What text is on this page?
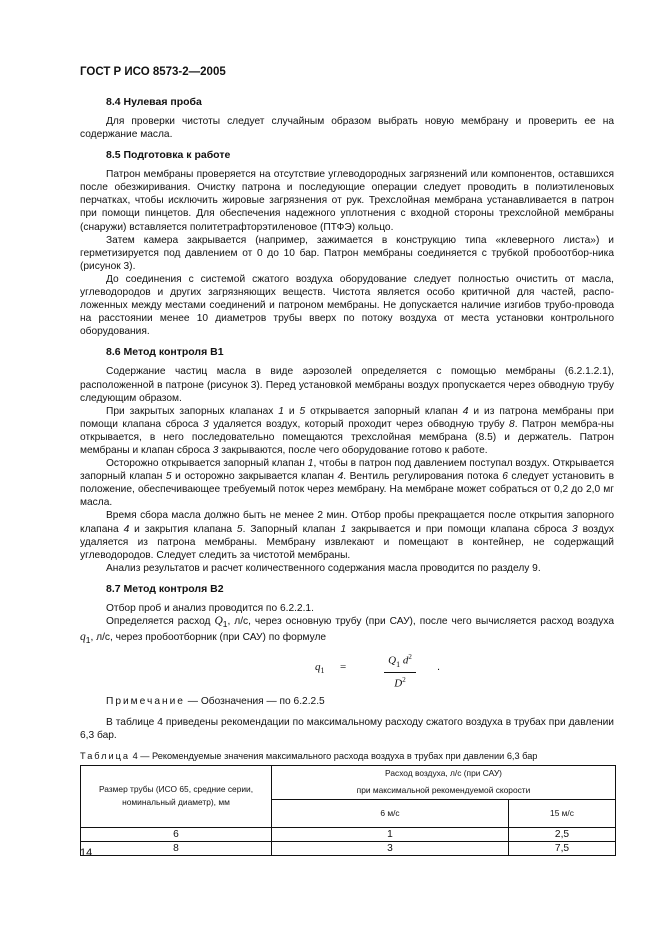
ГОСТ Р ИСО 8573-2—2005
8.4 Нулевая проба

Для проверки чистоты следует случайным образом выбрать новую мембрану и проверить ее на содержание масла.

8.5 Подготовка к работе

Патрон мембраны проверяется на отсутствие углеводородных загрязнений или компонентов, оставшихся после обезжиривания. Очистку патрона и последующие операции следует проводить в полиэтиленовых перчатках, чтобы исключить жировые загрязнения от рук. Трехслойная мембрана устанавливается в патрон при помощи пинцетов. Для обеспечения надежного уплотнения с входной стороны трехслойной мембраны (снаружи) вставляется политетрафторэтиленовое (ПТФЭ) кольцо.

Затем камера закрывается (например, зажимается в конструкцию типа «клеверного листа») и герметизируется под давлением от 0 до 10 бар. Патрон мембраны соединяется с трубкой пробоотбор-ника (рисунок 3).

До соединения с системой сжатого воздуха оборудование следует полностью очистить от масла, углеводородов и других загрязняющих веществ. Чистота является особо критичной для частей, распо-ложенных между местами соединений и патроном мембраны. Не допускается наличие изгибов трубо-провода на расстоянии менее 10 диаметров трубы вверх по потоку воздуха от места установки контрольного оборудования.

8.6 Метод контроля В1

Содержание частиц масла в виде аэрозолей определяется с помощью мембраны (6.2.1.2.1), расположенной в патроне (рисунок 3). Перед установкой мембраны воздух пропускается через обводную трубу следующим образом.

При закрытых запорных клапанах 1 и 5 открывается запорный клапан 4 и из патрона мембраны при помощи клапана сброса 3 удаляется воздух, который проходит через обводную трубу 8. Патрон мембра-ны открывается, в него последовательно помещаются трехслойная мембрана (8.5) и держатель. Патрон мембраны и клапан сброса 3 закрываются, после чего оборудование готово к работе.

Осторожно открывается запорный клапан 1, чтобы в патрон под давлением поступал воздух. Открывается запорный клапан 5 и осторожно закрывается клапан 4. Вентиль регулирования потока 6 следует установить в положение, обеспечивающее требуемый поток через мембрану. На мембране может собраться от 0,2 до 2,0 мг масла.

Время сбора масла должно быть не менее 2 мин. Отбор пробы прекращается после открытия запорного клапана 4 и закрытия клапана 5. Запорный клапан 1 закрывается и при помощи клапана сброса 3 воздух удаляется из патрона мембраны. Мембрану извлекают и помещают в контейнер, не содержащий углеводородов. Следует следить за чистотой мембраны.

Анализ результатов и расчет количественного содержания масла проводится по разделу 9.

8.7 Метод контроля В2

Отбор проб и анализ проводится по 6.2.2.1.

Определяется расход $Q_1$, л/с, через основную трубу (при САУ), после чего вычисляется расход воздуха $q_1$, л/с, через пробоотборник (при САУ) по формуле

$q_1 = \frac{Q_1 d^2}{D^2}$ .

Примечание — Обозначения — по 6.2.2.5

В таблице 4 приведены рекомендации по максимальному расходу сжатого воздуха в трубах при давлении 6,3 бар.

Таблица 4 — Рекомендуемые значения максимального расхода воздуха в трубах при давлении 6,3 бар

Размер трубы (ИСО 65, средние серии, номинальный диаметр), мм	Расход воздуха, л/с (при САУ)
при максимальной рекомендуемой скорости	

	6 м/с	15 м/с
6	1	2,5
8	3	7,5
14
